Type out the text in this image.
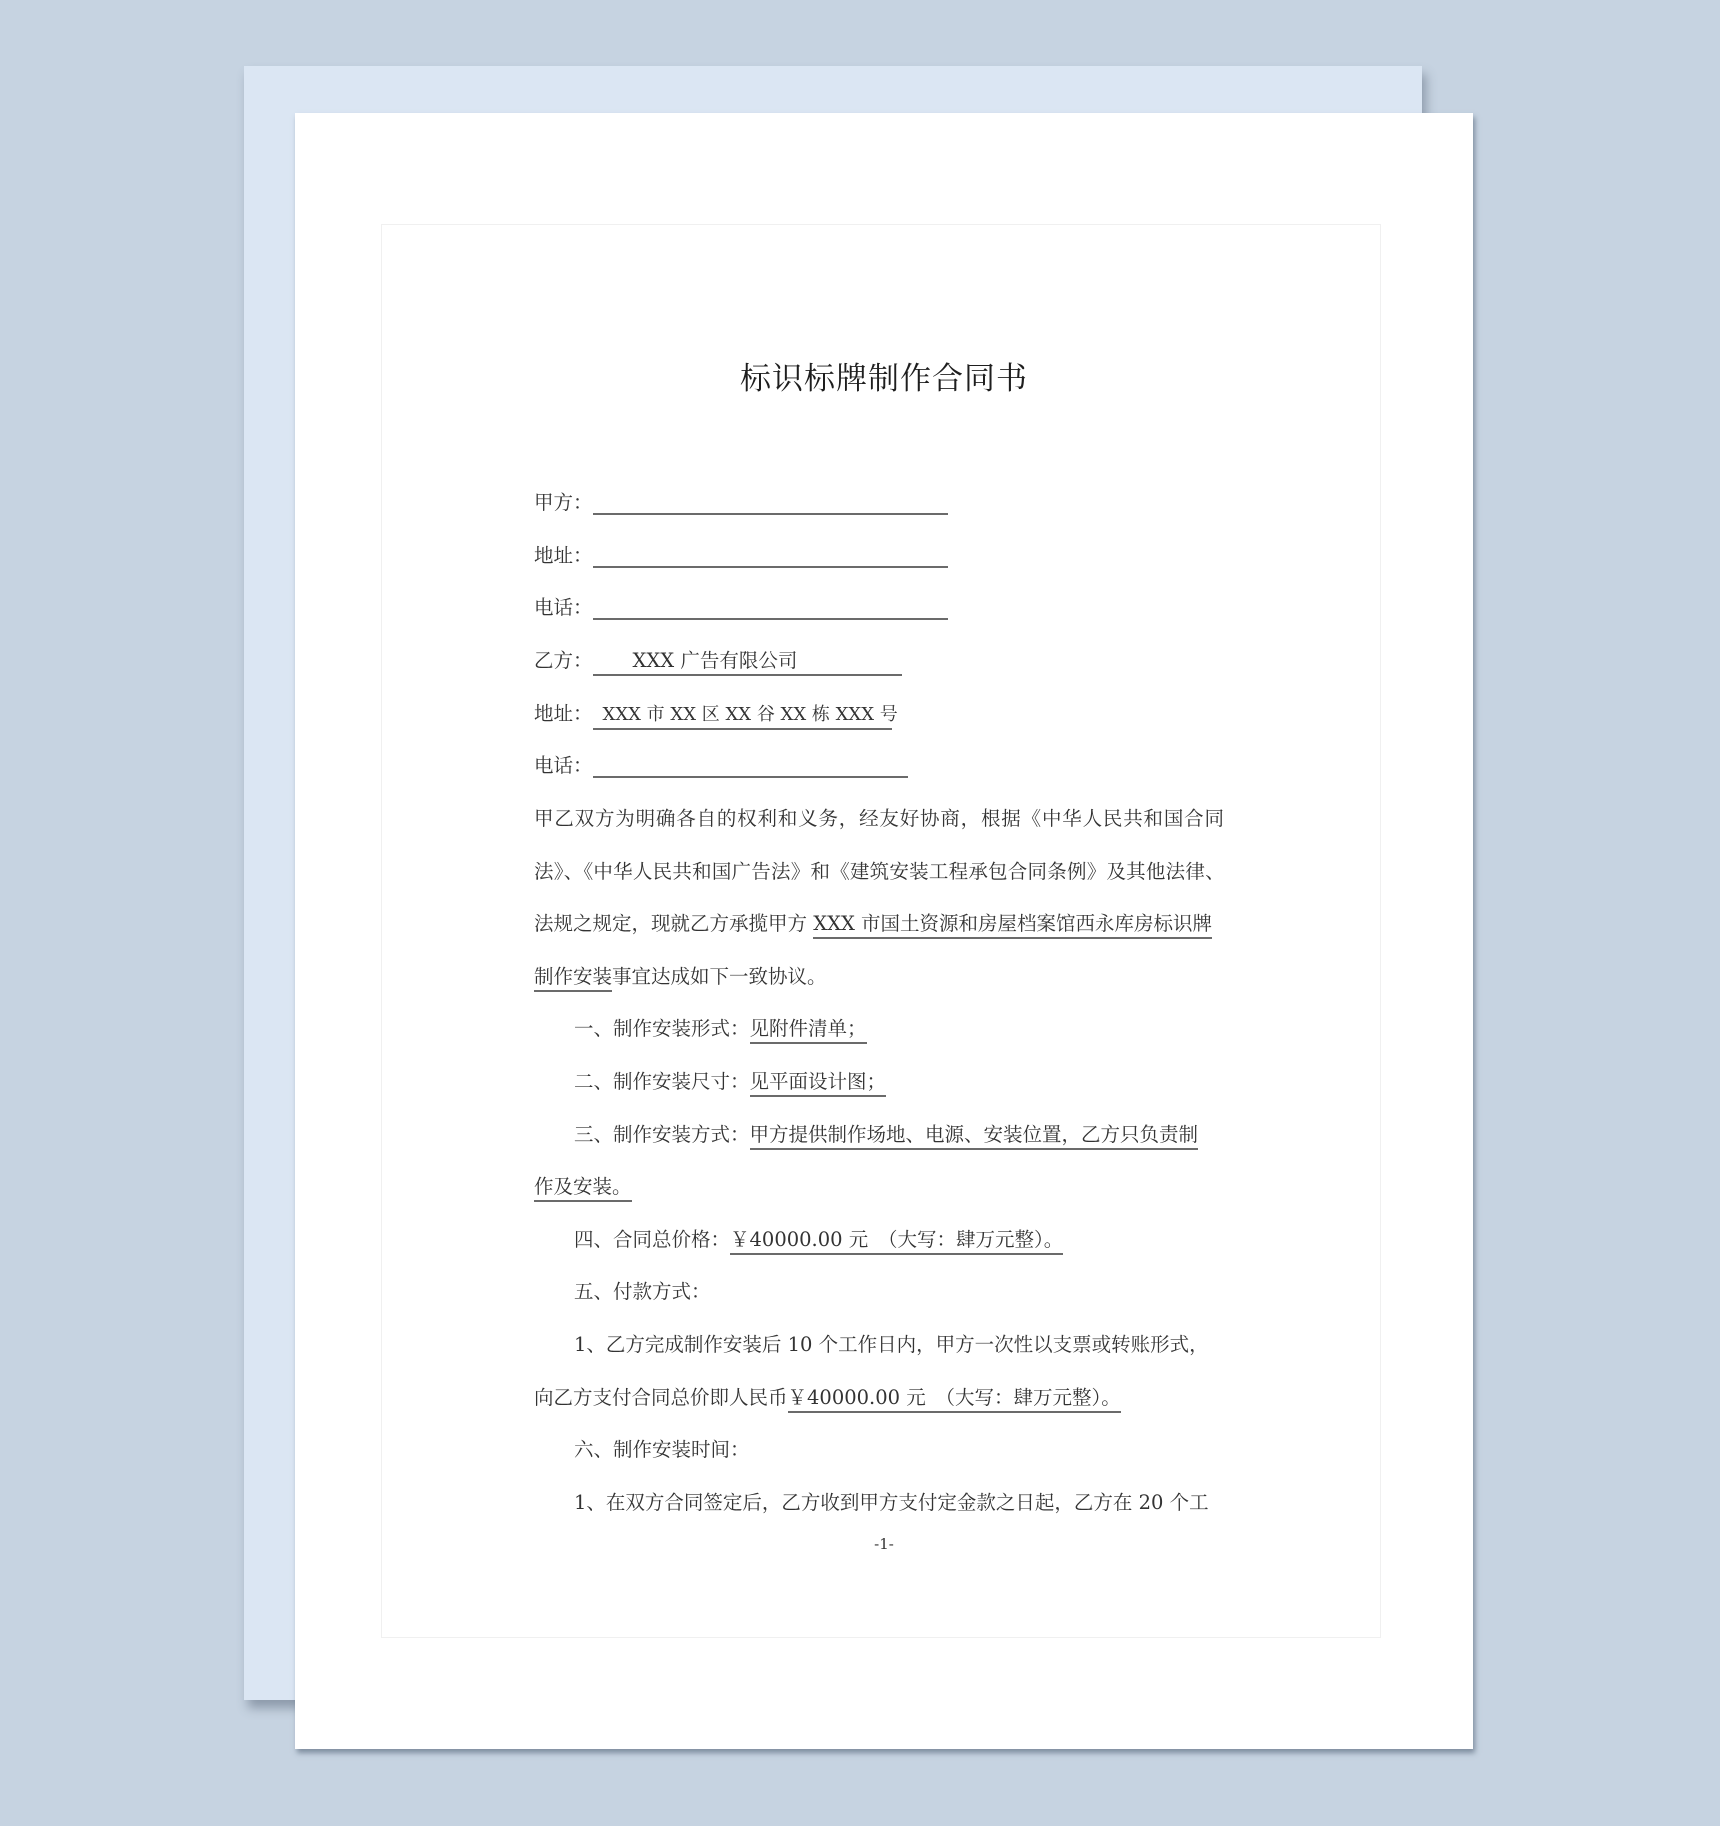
标识标牌制作合同书
甲方：
地址：
电话：
乙方： XXX 广告有限公司
地址： XXX 市 XX 区 XX 谷 XX 栋 XXX 号
电话：
甲乙双方为明确各自的权利和义务，经友好协商，根据《中华人民共和国合同
法》、《中华人民共和国广告法》和《建筑安装工程承包合同条例》及其他法律、
法规之规定，现就乙方承揽甲方 XXX 市国土资源和房屋档案馆西永库房标识牌
制作安装事宜达成如下一致协议。
一、制作安装形式：见附件清单；
二、制作安装尺寸：见平面设计图；
三、制作安装方式：甲方提供制作场地、电源、安装位置，乙方只负责制
作及安装。
四、合同总价格：￥40000.00 元　（大写：肆万元整）。
五、付款方式：
1、乙方完成制作安装后 10 个工作日内，甲方一次性以支票或转账形式，
向乙方支付合同总价即人民币￥40000.00 元　（大写：肆万元整）。
六、制作安装时间：
1、在双方合同签定后，乙方收到甲方支付定金款之日起，乙方在 20 个工
-1-
